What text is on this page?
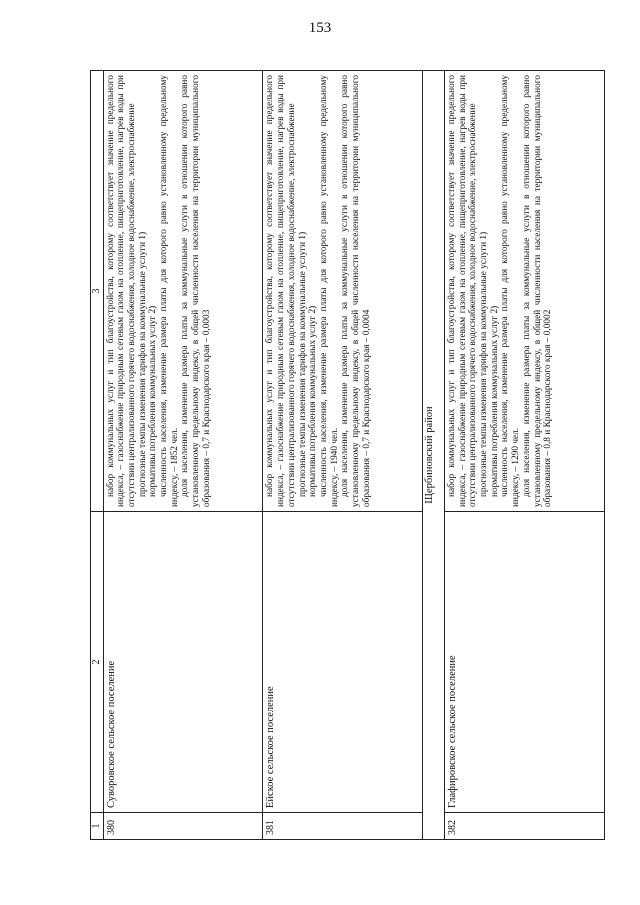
153
1	2	3
380	Суворовское сельское поселение	набор коммунальных услуг и тип благоустройства, которому соответствует значение предельного индекса, – газоснабжение природным сетевым газом на отопление, пищеприготовление, нагрев воды при отсутствии централизованного горячего водоснабжения, холодное водоснабжение, электроснабжение прогнозные темпы изменения тарифов на коммунальные услуги 1) нормативы потребления коммунальных услуг 2) численность населения, изменение размера платы для которого равно установленному предельному индексу, – 1852 чел. доля населения, изменение размера платы за коммунальные услуги в отношении которого равно установленному предельному индексу, в общей численности населения на территории муниципального образования – 0,7 и Краснодарского края – 0,0003

381	Ейское сельское поселение	набор коммунальных услуг и тип благоустройства, которому соответствует значение предельного индекса, – газоснабжение природным сетевым газом на отопление, пищеприготовление, нагрев воды при отсутствии централизованного горячего водоснабжения, холодное водоснабжение, электроснабжение прогнозные темпы изменения тарифов на коммунальные услуги 1) нормативы потребления коммунальных услуг 2) численность населения, изменение размера платы для которого равно установленному предельному индексу, – 1940 чел. доля населения, изменение размера платы за коммунальные услуги в отношении которого равно установленному предельному индексу, в общей численности населения на территории муниципального образования – 0,7 и Краснодарского края – 0,0004

Щербиновский район		
382	Глафировское сельское поселение	набор коммунальных услуг и тип благоустройства, которому соответствует значение предельного индекса, – газоснабжение природным сетевым газом на отопление, пищеприготовление, нагрев воды при отсутствии централизованного горячего водоснабжения, холодное водоснабжение, электроснабжение прогнозные темпы изменения тарифов на коммунальные услуги 1) нормативы потребления коммунальных услуг 2) численность населения, изменение размера платы для которого равно установленному предельному индексу, – 1290 чел. доля населения, изменение размера платы за коммунальные услуги в отношении которого равно установленному предельному индексу, в общей численности населения на территории муниципального образования – 0,8 и Краснодарского края – 0,0002
